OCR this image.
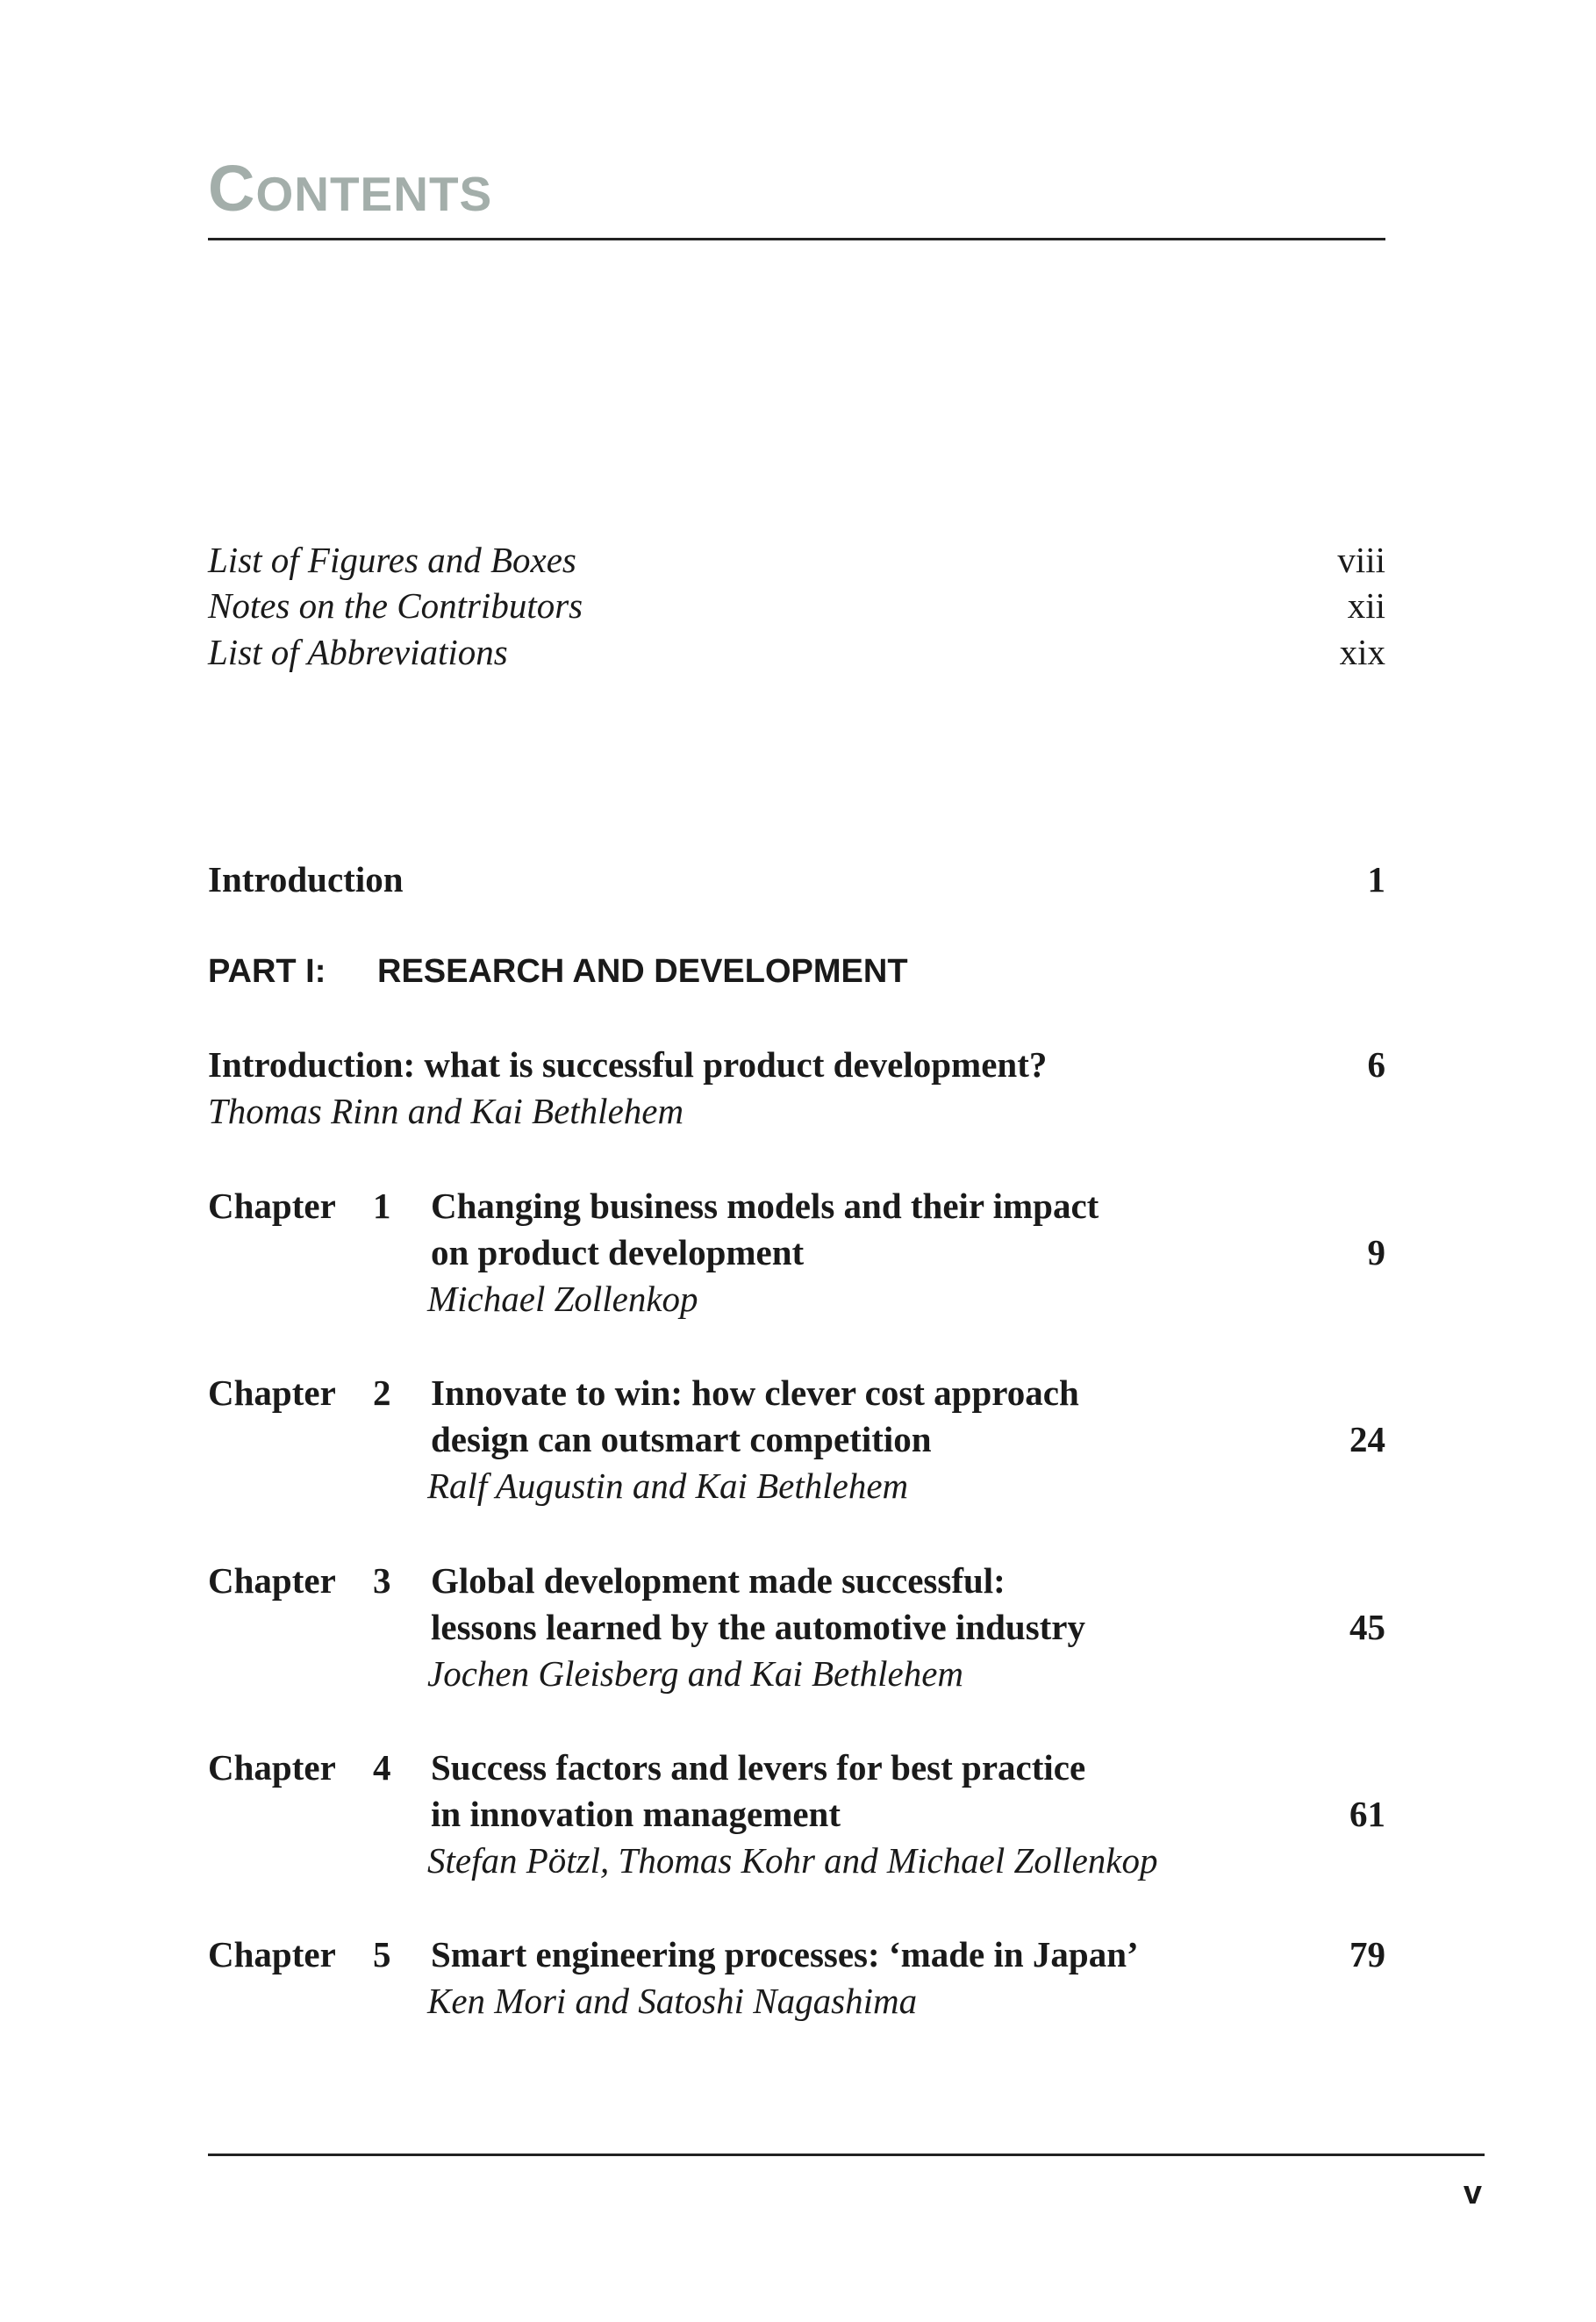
CONTENTS
List of Figures and Boxes	viii
Notes on the Contributors	xii
List of Abbreviations	xix
Introduction	1
PART I: RESEARCH AND DEVELOPMENT
Introduction: what is successful product development?	6
Thomas Rinn and Kai Bethlehem
Chapter 1 Changing business models and their impact
on product development	9
Michael Zollenkop
Chapter 2 Innovate to win: how clever cost approach
design can outsmart competition	24
Ralf Augustin and Kai Bethlehem
Chapter 3 Global development made successful:
lessons learned by the automotive industry	45
Jochen Gleisberg and Kai Bethlehem
Chapter 4 Success factors and levers for best practice
in innovation management	61
Stefan Pötzl, Thomas Kohr and Michael Zollenkop
Chapter 5 Smart engineering processes: ‘made in Japan’	79
Ken Mori and Satoshi Nagashima
v
